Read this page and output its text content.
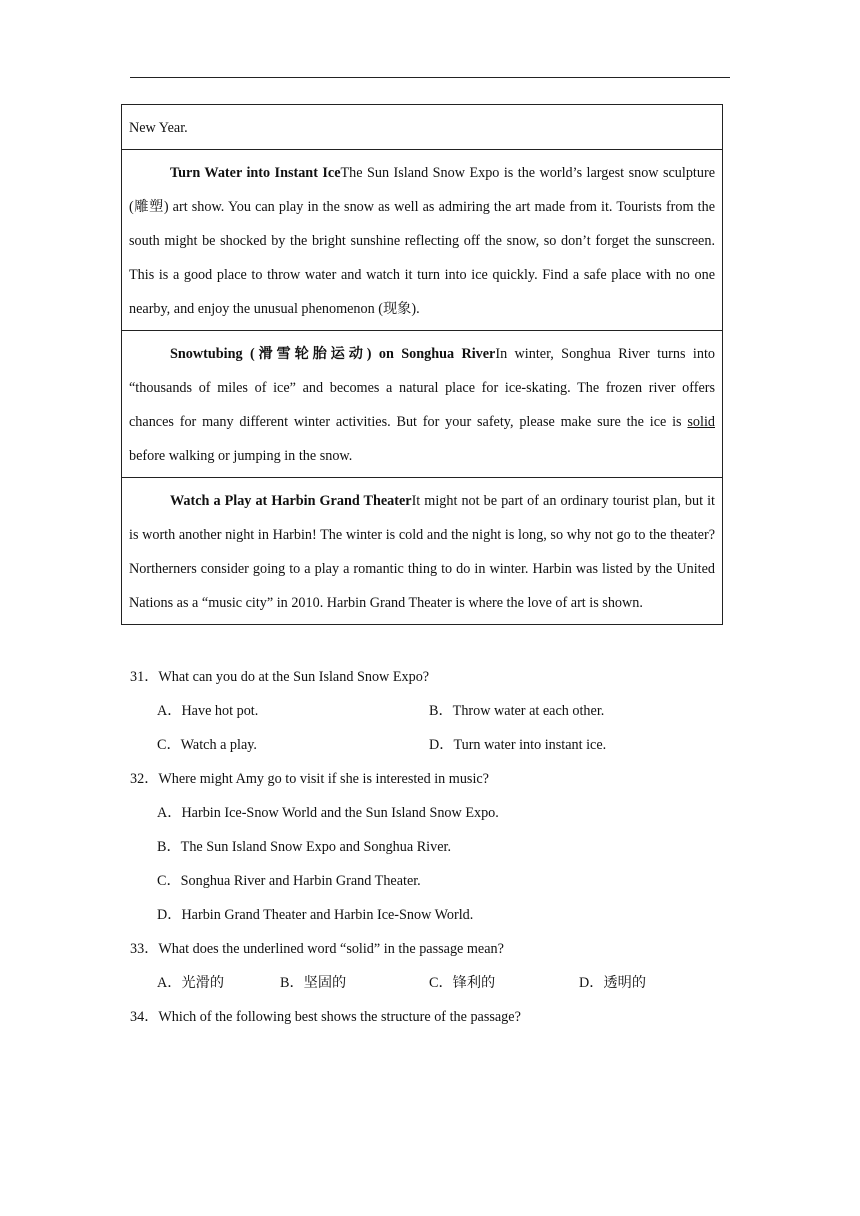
New Year.
Turn Water into Instant IceThe Sun Island Snow Expo is the world’s largest snow sculpture (雕塑) art show. You can play in the snow as well as admiring the art made from it. Tourists from the south might be shocked by the bright sunshine reflecting off the snow, so don’t forget the sunscreen. This is a good place to throw water and watch it turn into ice quickly. Find a safe place with no one nearby, and enjoy the unusual phenomenon (现象).
Snowtubing (滑雪轮胎运动) on Songhua RiverIn winter, Songhua River turns into “thousands of miles of ice” and becomes a natural place for ice-skating. The frozen river offers chances for many different winter activities. But for your safety, please make sure the ice is solid before walking or jumping in the snow.
Watch a Play at Harbin Grand TheaterIt might not be part of an ordinary tourist plan, but it is worth another night in Harbin! The winter is cold and the night is long, so why not go to the theater? Northerners consider going to a play a romantic thing to do in winter. Harbin was listed by the United Nations as a “music city” in 2010. Harbin Grand Theater is where the love of art is shown.
31．What can you do at the Sun Island Snow Expo?
A．Have hot pot.	B．Throw water at each other.
C．Watch a play.	D．Turn water into instant ice.
32．Where might Amy go to visit if she is interested in music?
A．Harbin Ice-Snow World and the Sun Island Snow Expo.
B．The Sun Island Snow Expo and Songhua River.
C．Songhua River and Harbin Grand Theater.
D．Harbin Grand Theater and Harbin Ice-Snow World.
33．What does the underlined word “solid” in the passage mean?
A．光滑的	B．坚固的	C．锋利的	D．透明的
34．Which of the following best shows the structure of the passage?
